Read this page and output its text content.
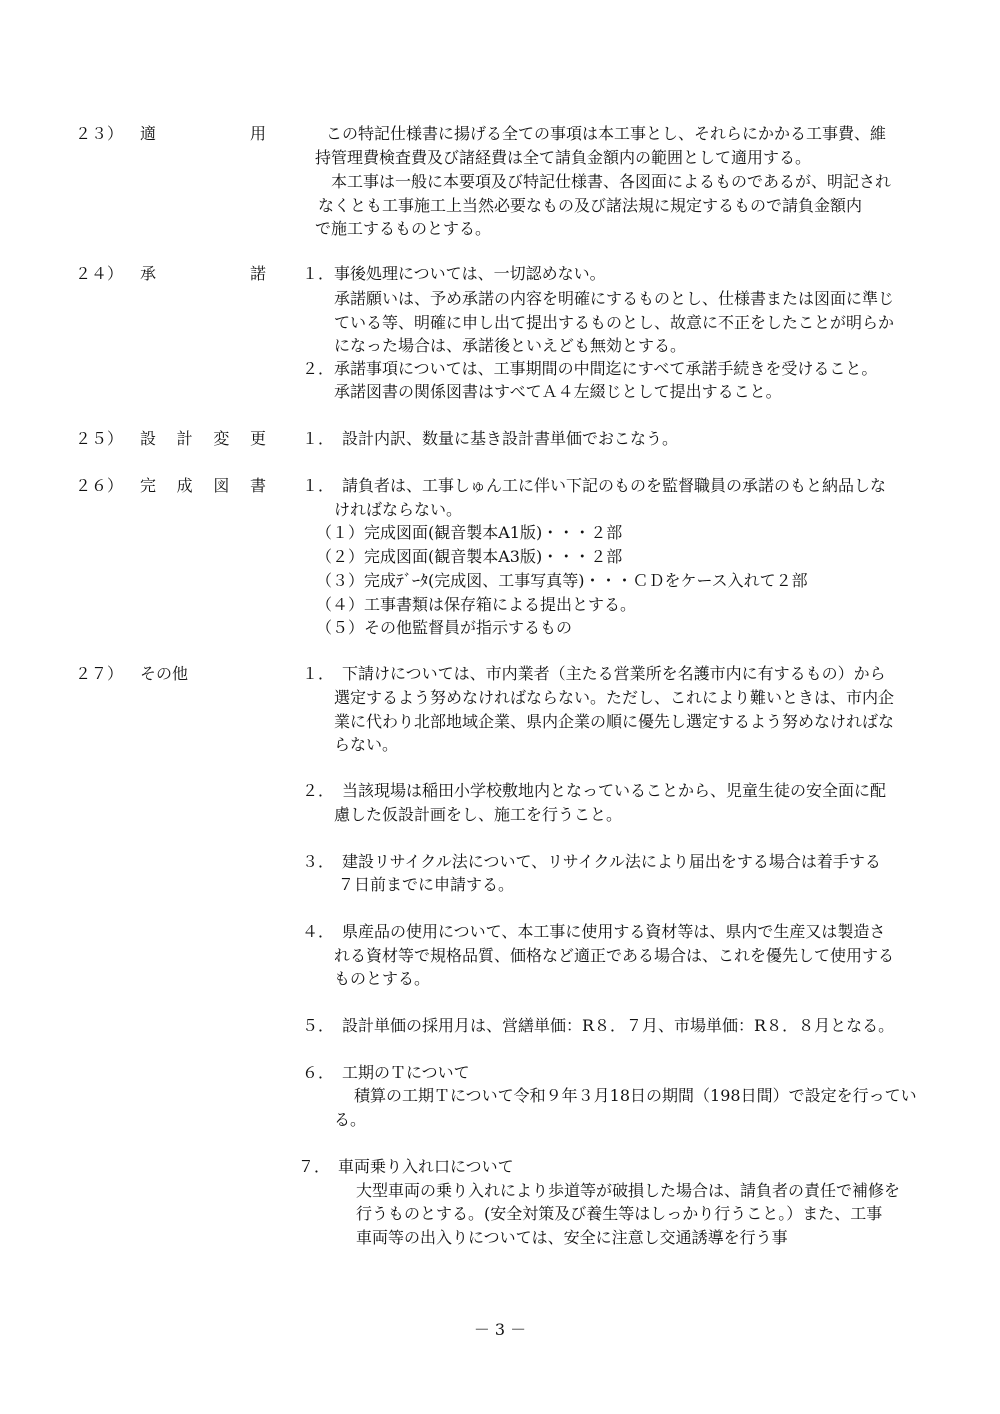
２３）	適	用	　この特記仕様書に揚げる全ての事項は本工事とし、それらにかかる工事費、維
持管理費検査費及び諸経費は全て請負金額内の範囲として適用する。
　本工事は一般に本要項及び特記仕様書、各図面によるものであるが、明記され
なくとも工事施工上当然必要なもの及び諸法規に規定するもので請負金額内
で施工するものとする。
２４）	承	諾 １．事後処理については、一切認めない。
承諾願いは、予め承諾の内容を明確にするものとし、仕様書または図面に準じ
ている等、明確に申し出て提出するものとし、故意に不正をしたことが明らか
になった場合は、承諾後といえども無効とする。
２．承諾事項については、工事期間の中間迄にすべて承諾手続きを受けること。
承諾図書の関係図書はすべてＡ４左綴じとして提出すること。
２５）	設 計 変 更 １．　設計内訳、数量に基き設計書単価でおこなう。
２６）	完 成 図 書 １．　請負者は、工事しゅん工に伴い下記のものを監督職員の承諾のもと納品しな
ければならない。
（１）完成図面(観音製本A1版)・・・２部
（２）完成図面(観音製本A3版)・・・２部
（３）完成ﾃﾞｰﾀ(完成図、工事写真等)・・・ＣＤをケース入れて２部
（４）工事書類は保存箱による提出とする。
（５）その他監督員が指示するもの
２７）	その他	１．　下請けについては、市内業者（主たる営業所を名護市内に有するもの）から
選定するよう努めなければならない。ただし、これにより難いときは、市内企
業に代わり北部地域企業、県内企業の順に優先し選定するよう努めなければな
らない。
２．　当該現場は稲田小学校敷地内となっていることから、児童生徒の安全面に配
慮した仮設計画をし、施工を行うこと。
３．　建設リサイクル法について、リサイクル法により届出をする場合は着手する
７日前までに申請する。
４．　県産品の使用について、本工事に使用する資材等は、県内で生産又は製造さ
れる資材等で規格品質、価格など適正である場合は、これを優先して使用する
ものとする。
５．　設計単価の採用月は、営繕単価：R８．７月、市場単価：R８．８月となる。
６．　工期のＴについて
積算の工期Ｔについて令和９年３月18日の期間（198日間）で設定を行ってい
る。
７．　車両乗り入れ口について
大型車両の乗り入れにより歩道等が破損した場合は、請負者の責任で補修を
行うものとする。(安全対策及び養生等はしっかり行うこと。）また、工事
車両等の出入りについては、安全に注意し交通誘導を行う事
－ 3 －
